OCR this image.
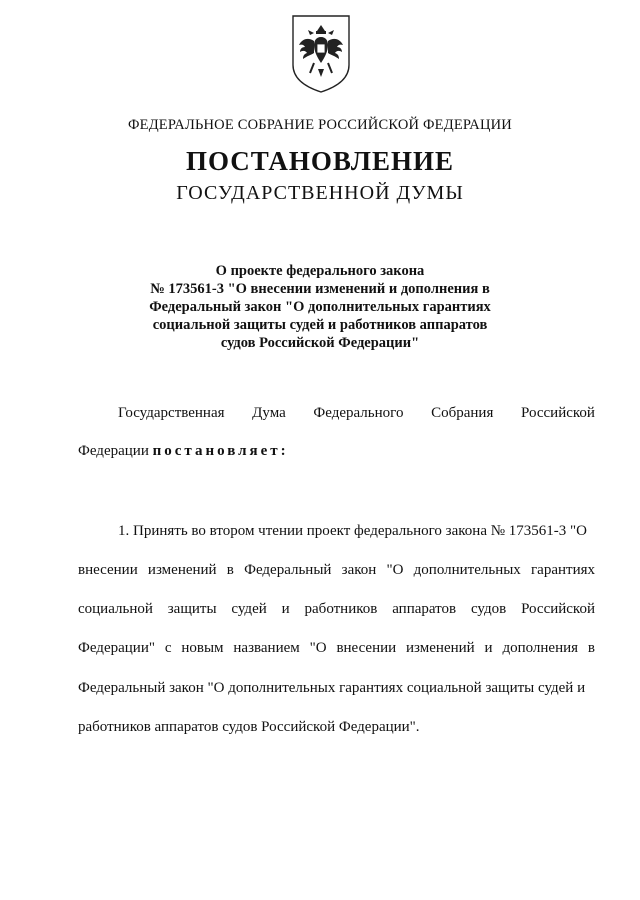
ФЕДЕРАЛЬНОЕ СОБРАНИЕ РОССИЙСКОЙ ФЕДЕРАЦИИ
ПОСТАНОВЛЕНИЕ
ГОСУДАРСТВЕННОЙ ДУМЫ
О проекте федерального закона
№ 173561-3 "О внесении изменений и дополнения в
Федеральный закон "О дополнительных гарантиях
социальной защиты судей и работников аппаратов
судов Российской Федерации"
Государственная Дума Федерального Собрания Российской
Федерации постановляет:
1. Принять во втором чтении проект федерального закона № 173561-3 "О
внесении изменений в Федеральный закон "О дополнительных гарантиях
социальной защиты судей и работников аппаратов судов Российской
Федерации" с новым названием "О внесении изменений и дополнения в
Федеральный закон "О дополнительных гарантиях социальной защиты судей и
работников аппаратов судов Российской Федерации".
